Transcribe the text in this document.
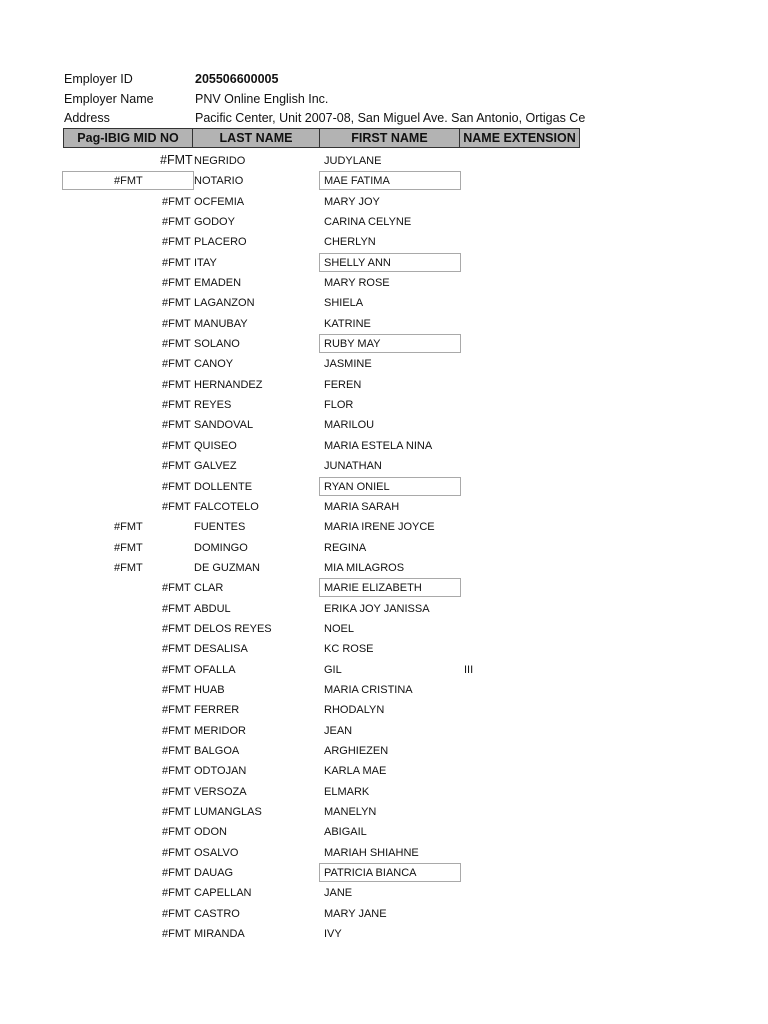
Employer ID	205506600005
Employer Name	PNV Online English Inc.
Address	Pacific Center, Unit 2007-08, San Miguel Ave. San Antonio, Ortigas Ce
Pag-IBIG MID NO	LAST NAME	FIRST NAME	NAME EXTENSION
#FMT NEGRIDO	JUDYLANE
#FMT	NOTARIO	MAE FATIMA
#FMT OCFEMIA	MARY JOY
#FMT GODOY	CARINA CELYNE
#FMT PLACERO	CHERLYN
#FMT ITAY	SHELLY ANN
#FMT EMADEN	MARY ROSE
#FMT LAGANZON	SHIELA
#FMT MANUBAY	KATRINE
#FMT SOLANO	RUBY MAY
#FMT CANOY	JASMINE
#FMT HERNANDEZ	FEREN
#FMT REYES	FLOR
#FMT SANDOVAL	MARILOU
#FMT QUISEO	MARIA ESTELA NINA
#FMT GALVEZ	JUNATHAN
#FMT DOLLENTE	RYAN ONIEL
#FMT FALCOTELO	MARIA SARAH
#FMT	FUENTES	MARIA IRENE JOYCE
#FMT	DOMINGO	REGINA
#FMT	DE GUZMAN	MIA MILAGROS
#FMT CLAR	MARIE ELIZABETH
#FMT ABDUL	ERIKA JOY JANISSA
#FMT DELOS REYES	NOEL
#FMT DESALISA	KC ROSE
#FMT OFALLA	GIL	III
#FMT HUAB	MARIA CRISTINA
#FMT FERRER	RHODALYN
#FMT MERIDOR	JEAN
#FMT BALGOA	ARGHIEZEN
#FMT ODTOJAN	KARLA MAE
#FMT VERSOZA	ELMARK
#FMT LUMANGLAS	MANELYN
#FMT ODON	ABIGAIL
#FMT OSALVO	MARIAH SHIAHNE
#FMT DAUAG	PATRICIA BIANCA
#FMT CAPELLAN	JANE
#FMT CASTRO	MARY JANE
#FMT MIRANDA	IVY
